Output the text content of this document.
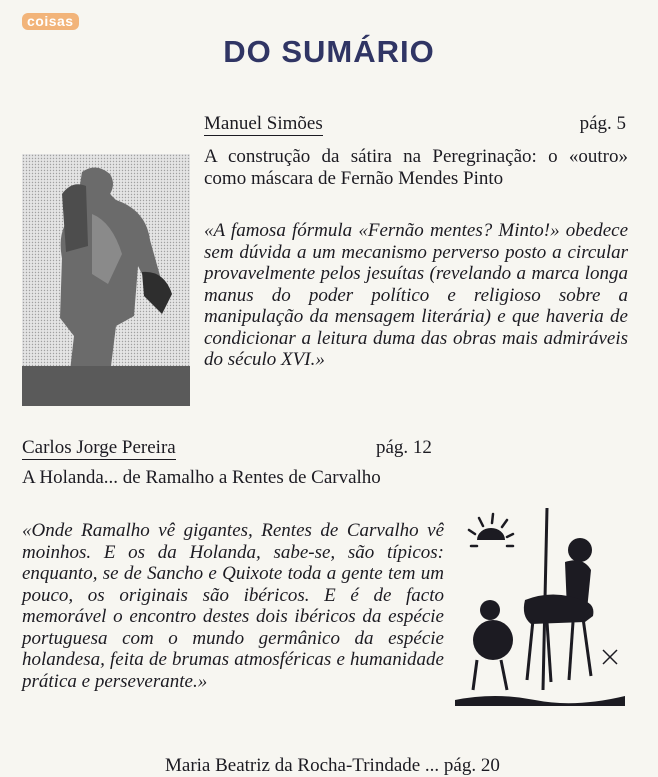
coisas
DO SUMÁRIO
Manuel Simões	pág. 5
A construção da sátira na Peregrinação: o «outro» como máscara de Fernão Mendes Pinto

«A famosa fórmula «Fernão mentes? Minto!» obedece sem dúvida a um mecanismo perverso posto a circular provavelmente pelos jesuítas (revelando a marca longa manus do poder político e religioso sobre a manipulação da mensagem literária) e que haveria de condicionar a leitura duma das obras mais admiráveis do século XVI.»

Carlos Jorge Pereira	pág. 12
A Holanda... de Ramalho a Rentes de Carvalho

«Onde Ramalho vê gigantes, Rentes de Carvalho vê moinhos. E os da Holanda, sabe-se, são típicos: enquanto, se de Sancho e Quixote toda a gente tem um pouco, os originais são ibéricos. E é de facto memorável o encontro destes dois ibéricos da espécie portuguesa com o mundo germânico da espécie holandesa, feita de brumas atmosféricas e humanidade prática e perseverante.»

Maria Beatriz da Rocha-Trindade ... pág. 20
